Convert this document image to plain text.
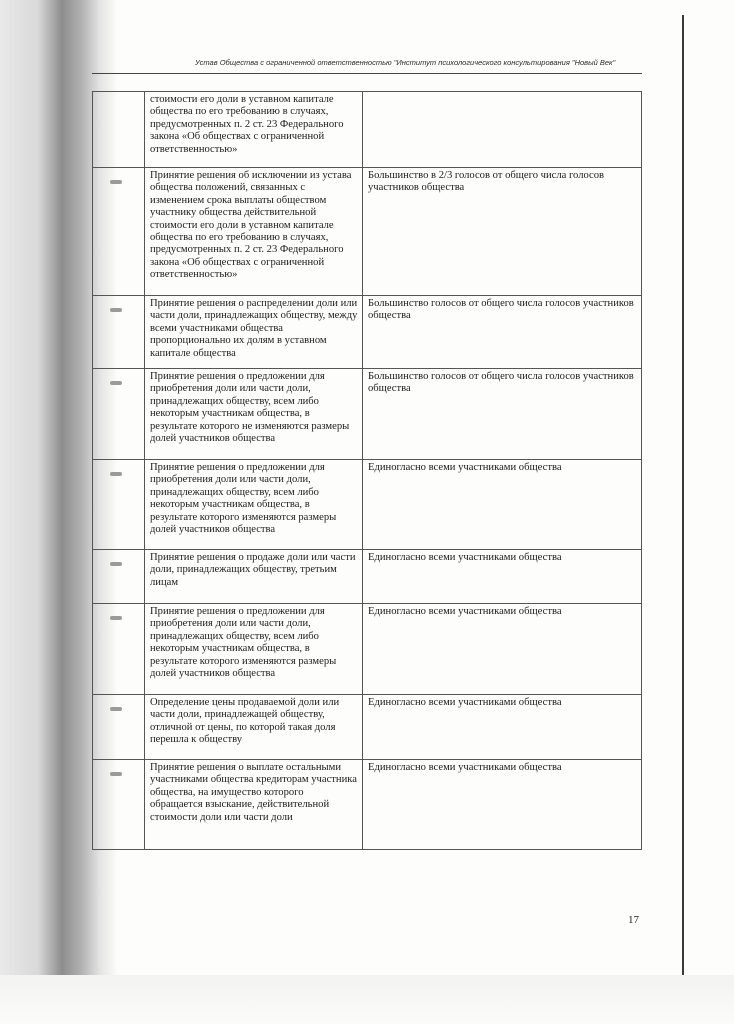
Устав Общества с ограниченной ответственностью "Институт психологического консультирования "Новый Век"
	стоимости его доли в уставном капитале общества по его требованию в случаях, предусмотренных п. 2 ст. 23 Федерального закона «Об обществах с ограниченной ответственностью»	

	Принятие решения об исключении из устава общества положений, связанных с изменением срока выплаты обществом участнику общества действительной стоимости его доли в уставном капитале общества по его требованию в случаях, предусмотренных п. 2 ст. 23 Федерального закона «Об обществах с ограниченной ответственностью»	Большинство в 2/3 голосов от общего числа голосов участников общества

	Принятие решения о распределении доли или части доли, принадлежащих обществу, между всеми участниками общества пропорционально их долям в уставном капитале общества	Большинство голосов от общего числа голосов участников общества

	Принятие решения о предложении для приобретения доли или части доли, принадлежащих обществу, всем либо некоторым участникам общества, в результате которого не изменяются размеры долей участников общества	Большинство голосов от общего числа голосов участников общества

	Принятие решения о предложении для приобретения доли или части доли, принадлежащих обществу, всем либо некоторым участникам общества, в результате которого изменяются размеры долей участников общества	Единогласно всеми участниками общества

	Принятие решения о продаже доли или части доли, принадлежащих обществу, третьим лицам	Единогласно всеми участниками общества

	Принятие решения о предложении для приобретения доли или части доли, принадлежащих обществу, всем либо некоторым участникам общества, в результате которого изменяются размеры долей участников общества	Единогласно всеми участниками общества

	Определение цены продаваемой доли или части доли, принадлежащей обществу, отличной от цены, по которой такая доля перешла к обществу	Единогласно всеми участниками общества

	Принятие решения о выплате остальными участниками общества кредиторам участника общества, на имущество которого обращается взыскание, действительной стоимости доли или части доли	Единогласно всеми участниками общества
17
